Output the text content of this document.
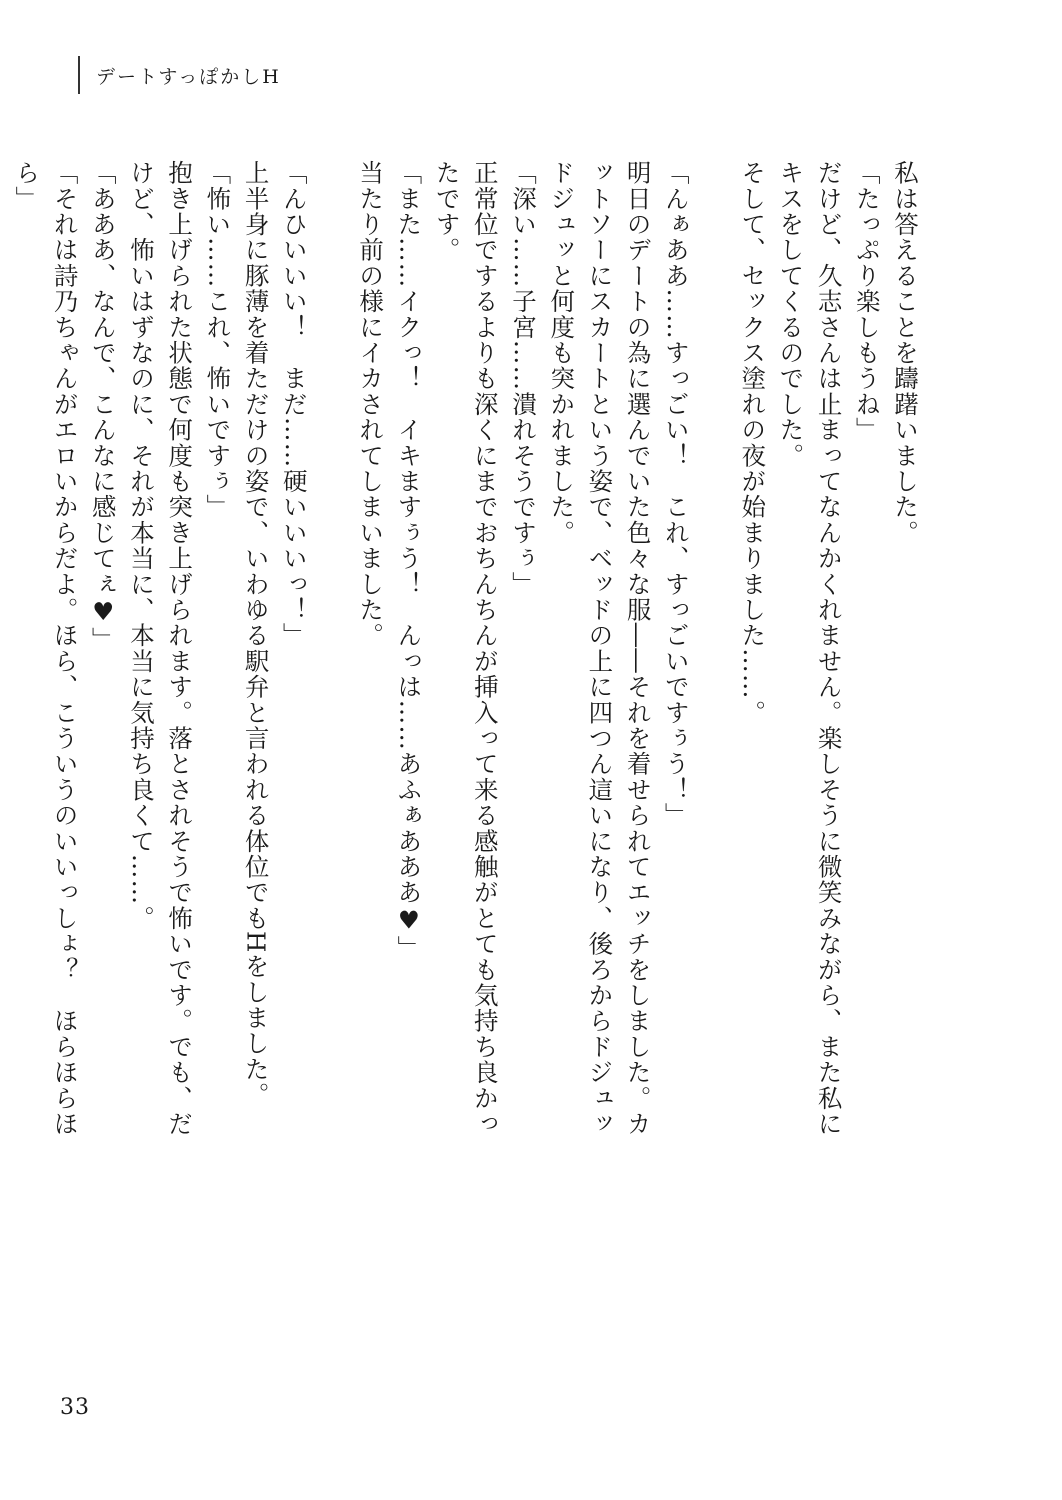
デートすっぽかしH

私は答えることを躊躇いました。

「たっぷり楽しもうね」

だけど、久志さんは止まってなんかくれません。楽しそうに微笑みながら、また私にキスをしてくるのでした。

そして、セックス塗れの夜が始まりました……。

「んぁああ……すっごい！　これ、すっごいですぅう！」

明日のデートの為に選んでいた色々な服――それを着せられてエッチをしました。カットソーにスカートという姿で、ベッドの上に四つん這いになり、後ろからドジュッドジュッと何度も突かれました。

「深い……子宮……潰れそうですぅ」

正常位でするよりも深くにまでおちんちんが挿入って来る感触がとても気持ち良かったです。

「また……イクっ！　イキますぅう！　んっは……あふぁあああ♥」

当たり前の様にイカされてしまいました。

「んひいいい！　まだ……硬いいいっ！」

上半身に豚薄を着ただけの姿で、いわゆる駅弁と言われる体位でもHをしました。

「怖い……これ、怖いですぅ」

抱き上げられた状態で何度も突き上げられます。落とされそうで怖いです。でも、だけど、怖いはずなのに、それが本当に、本当に気持ち良くて……。

「あああ、なんで、こんなに感じてぇ♥」

「それは詩乃ちゃんがエロいからだよ。ほら、こういうのいいっしょ？　ほらほらほら」

33
